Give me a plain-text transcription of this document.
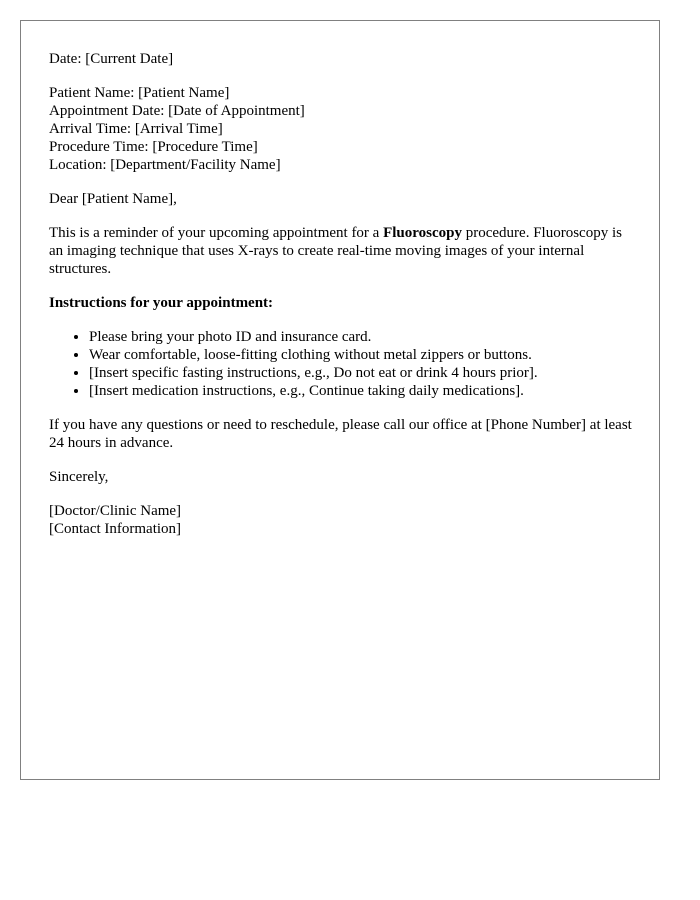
Date: [Current Date]
Patient Name: [Patient Name]
Appointment Date: [Date of Appointment]
Arrival Time: [Arrival Time]
Procedure Time: [Procedure Time]
Location: [Department/Facility Name]
Dear [Patient Name],

This is a reminder of your upcoming appointment for a Fluoroscopy procedure. Fluoroscopy is an imaging technique that uses X-rays to create real-time moving images of your internal structures.

Instructions for your appointment:
• Please bring your photo ID and insurance card.
• Wear comfortable, loose-fitting clothing without metal zippers or buttons.
• [Insert specific fasting instructions, e.g., Do not eat or drink 4 hours prior].
• [Insert medication instructions, e.g., Continue taking daily medications].

If you have any questions or need to reschedule, please call our office at [Phone Number] at least 24 hours in advance.

Sincerely,
[Doctor/Clinic Name]
[Contact Information]
